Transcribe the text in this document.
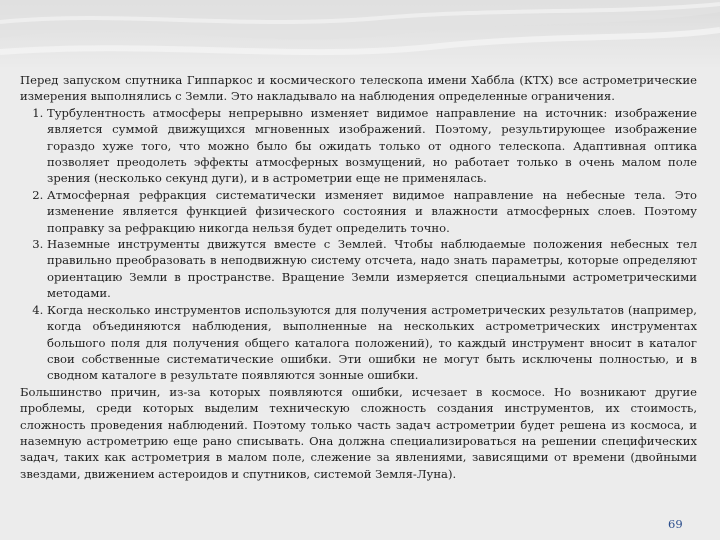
Перед запуском спутника Гиппаркос и космического телескопа имени Хаббла (КТХ) все астрометрические измерения выполнялись с Земли. Это накладывало на наблюдения определенные ограничения.

1. Турбулентность атмосферы непрерывно изменяет видимое направление на источник: изображение является суммой движущихся мгновенных изображений. Поэтому, результирующее изображение гораздо хуже того, что можно было бы ожидать только от одного телескопа. Адаптивная оптика позволяет преодолеть эффекты атмосферных возмущений, но работает только в очень малом поле зрения (несколько секунд дуги), и в астрометрии еще не применялась.
2. Атмосферная рефракция систематически изменяет видимое направление на небесные тела. Это изменение является функцией физического состояния и влажности атмосферных слоев. Поэтому поправку за рефракцию никогда нельзя будет определить точно.
3. Наземные инструменты движутся вместе с Землей. Чтобы наблюдаемые положения небесных тел правильно преобразовать в неподвижную систему отсчета, надо знать параметры, которые определяют ориентацию Земли в пространстве. Вращение Земли измеряется специальными астрометрическими методами.
4. Когда несколько инструментов используются для получения астрометрических результатов (например, когда объединяются наблюдения, выполненные на нескольких астрометрических инструментах большого поля для получения общего каталога положений), то каждый инструмент вносит в каталог свои собственные систематические ошибки. Эти ошибки не могут быть исключены полностью, и в сводном каталоге в результате появляются зонные ошибки.

Большинство причин, из-за которых появляются ошибки, исчезает в космосе. Но возникают другие проблемы, среди которых выделим техническую сложность создания инструментов, их стоимость, сложность проведения наблюдений. Поэтому только часть задач астрометрии будет решена из космоса, и наземную астрометрию еще рано списывать. Она должна специализироваться на решении специфических задач, таких как астрометрия в малом поле, слежение за явлениями, зависящими от времени (двойными звездами, движением астероидов и спутников, системой Земля-Луна).

69
